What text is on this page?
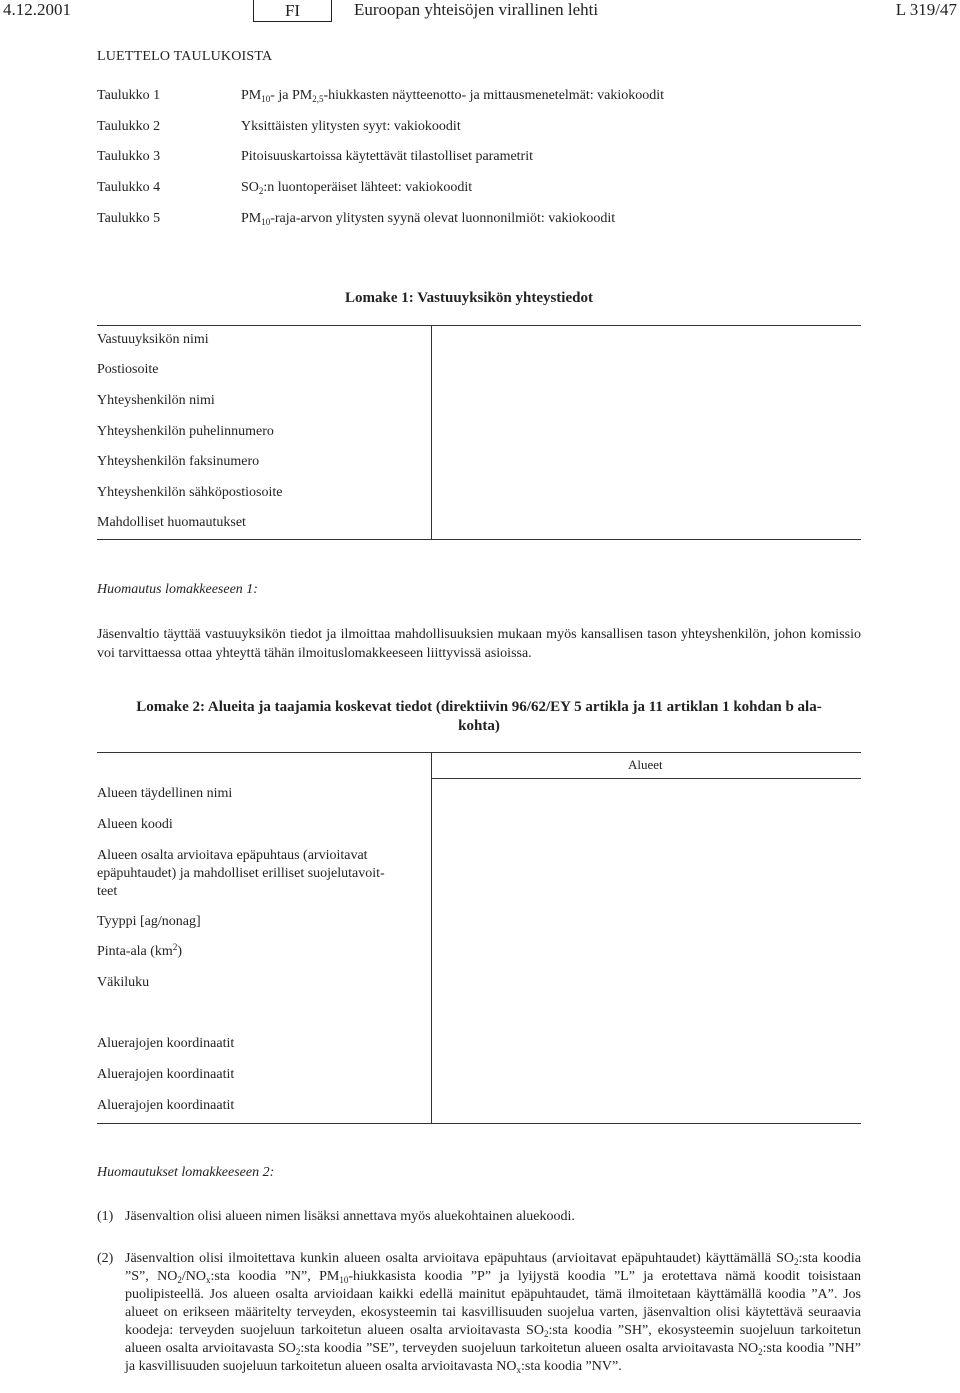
4.12.2001	FI	Euroopan yhteisöjen virallinen lehti	L 319/47
LUETTELO TAULUKOISTA
Taulukko 1	$PM_{10}-$ ja $PM_{2,5}$-hiukkasten näytteenotto- ja mittausmenetelmät: vakiokoodit
Taulukko 2	Yksittäisten ylitysten syyt: vakiokoodit
Taulukko 3	Pitoisuuskartoissa käytettävät tilastolliset parametrit
Taulukko 4	$SO_2:n$ luontoperäiset lähteet: vakiokoodit
Taulukko 5	$PM_{10}-raja$-arvon ylitysten syynä olevat luonnonilmiöt: vakiokoodit
Lomake 1: Vastuuyksikön yhteystiedot
Vastuuyksikön nimi
Postiosoite
Yhteyshenkilön nimi
Yhteyshenkilön puhelinnumero
Yhteyshenkilön faksinumero
Yhteyshenkilön sähköpostiosoite
Mahdolliset huomautukset
Huomautus lomakkeeseen 1:
Jäsenvaltio täyttää vastuuyksikön tiedot ja ilmoittaa mahdollisuuksien mukaan myös kansallisen tason yhteyshenkilön, johon komissio voi tarvittaessa ottaa yhteyttä tähän ilmoituslomakkeeseen liittyvissä asioissa.
Lomake 2: Alueita ja taajamia koskevat tiedot (direktiivin 96/62/EY 5 artikla ja 11 artiklan 1 kohdan b ala-
kohta)
Alueet
Alueen täydellinen nimi
Alueen koodi
Alueen osalta arvioitava epäpuhtaus (arvioitavat
epäpuhtaudet) ja mahdolliset erilliset suojelutavoit-
teet
Tyyppi [ag/nonag]
Pinta-ala $(km^2)$
Väkiluku
Aluerajojen koordinaatit
Aluerajojen koordinaatit
Aluerajojen koordinaatit
Huomautukset lomakkeeseen 2:
(1) Jäsenvaltion olisi alueen nimen lisäksi annettava myös aluekohtainen aluekoodi.
(2) Jäsenvaltion olisi ilmoitettava kunkin alueen osalta arvioitava epäpuhtaus (arvioitavat epäpuhtaudet) käyttämällä $SO_2:sta$ koodia ”S”, $NO_2/NO_x:sta$ koodia ”N”, $PM_{10}$-hiukkasista koodia ”P” ja lyijystä koodia ”L” ja erotettava nämä koodit toisistaan puolipisteellä. Jos alueen osalta arvioidaan kaikki edellä mainitut epäpuhtaudet, tämä ilmoitetaan käyttämällä koodia ”A”. Jos alueet on erikseen määritelty terveyden, ekosysteemin tai kasvillisuuden suojelua varten, jäsenvaltion olisi käytettävä seuraavia koodeja: terveyden suojeluun tarkoitetun alueen osalta arvioitavasta $SO_2:sta$ koodia ”SH”, ekosysteemin suojeluun tarkoitetun alueen osalta arvioitavasta $SO_2:sta$ koodia ”SE”, terveyden suojeluun tarkoitetun alueen osalta arvioitavasta $NO_2:sta$ koodia ”NH” ja kasvillisuuden suojeluun tarkoitetun alueen osalta arvioitavasta $NO_x:sta$ koodia ”NV”.
